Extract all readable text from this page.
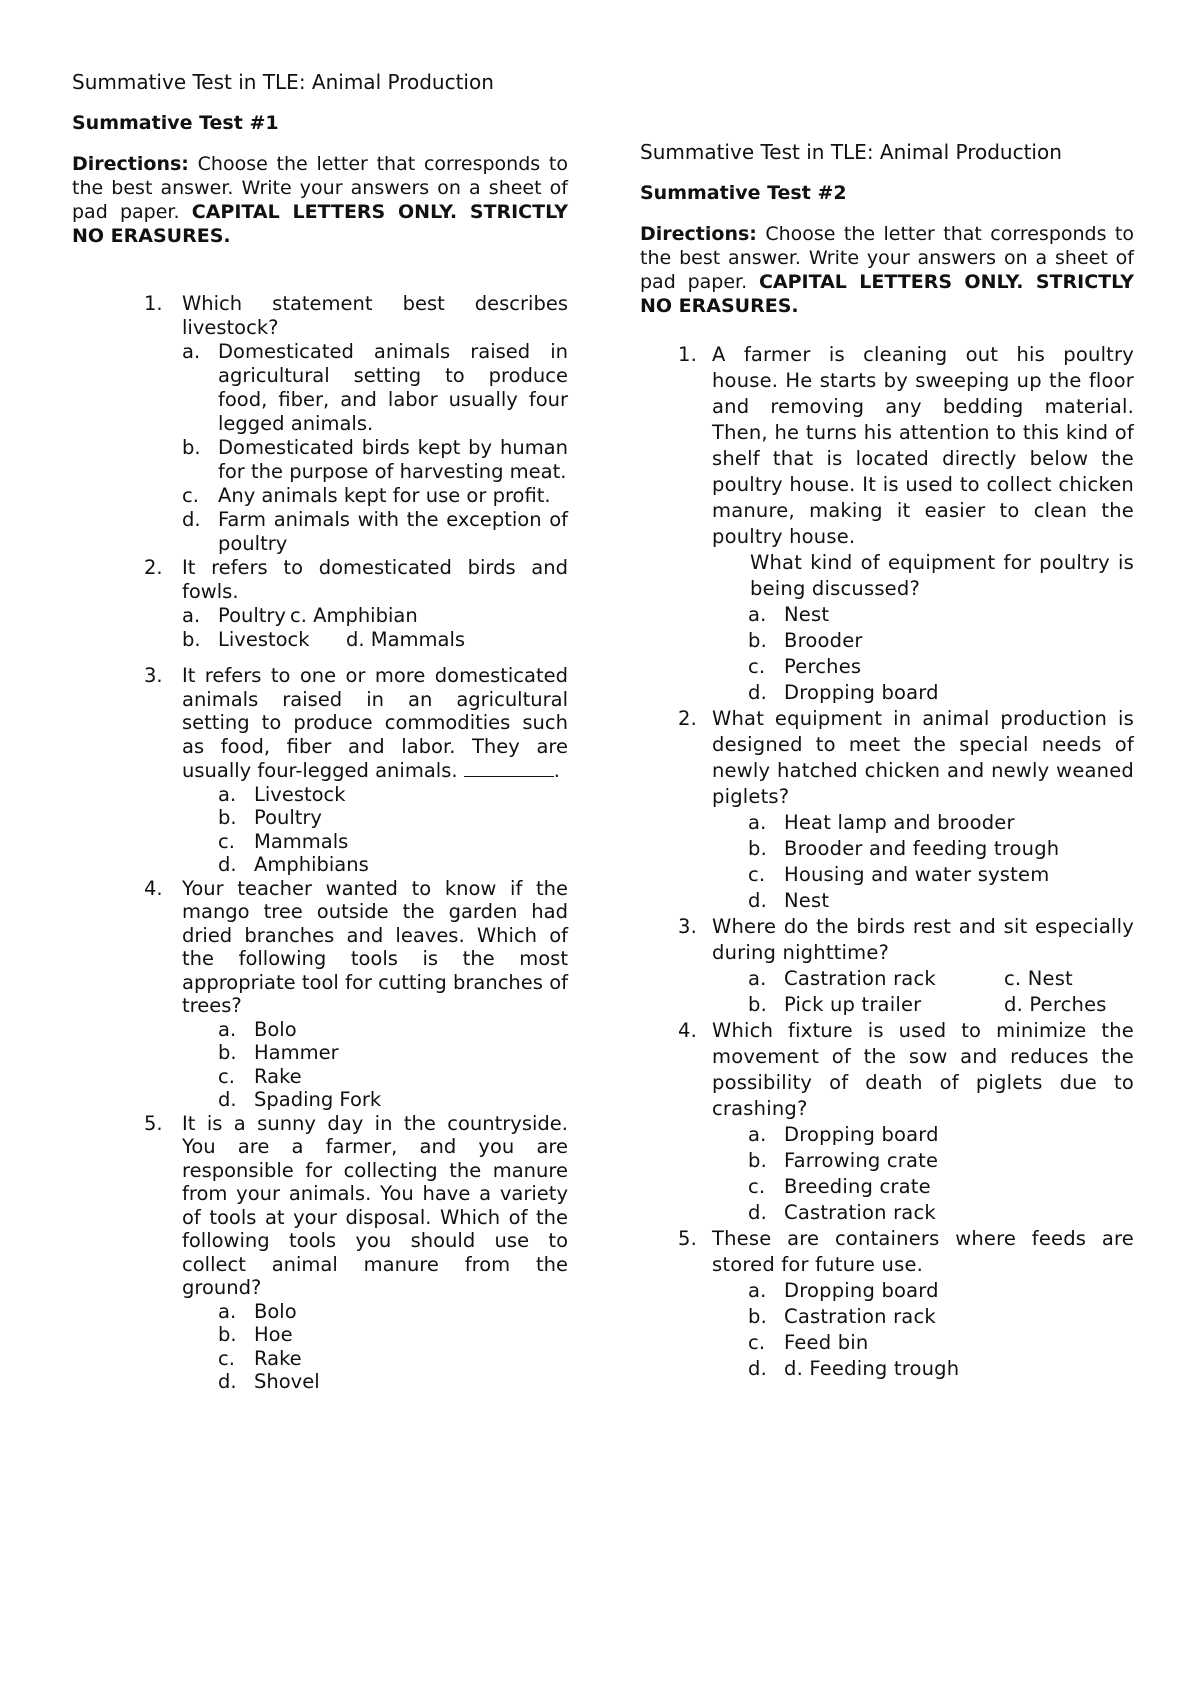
Summative Test in TLE: Animal Production
Summative Test #1

Directions: Choose the letter that corresponds to the best answer. Write your answers on a sheet of pad paper. CAPITAL LETTERS ONLY. STRICTLY NO ERASURES.

1. Which statement best describes livestock?
a. Domesticated animals raised in agricultural setting to produce food, fiber, and labor usually four legged animals.
b. Domesticated birds kept by human for the purpose of harvesting meat.
c. Any animals kept for use or profit.
d. Farm animals with the exception of poultry
2. It refers to domesticated birds and fowls.
a. Poultry c. Amphibian
b. Livestock d. Mammals
3. It refers to one or more domesticated animals raised in an agricultural setting to produce commodities such as food, fiber and labor. They are usually four-legged animals.	.
a. Livestock
b. Poultry
c. Mammals
d. Amphibians
4. Your teacher wanted to know if the mango tree outside the garden had dried branches and leaves. Which of the following tools is the most appropriate tool for cutting branches of trees?
a. Bolo
b. Hammer
c. Rake
d. Spading Fork
5. It is a sunny day in the countryside. You are a farmer, and you are responsible for collecting the manure from your animals. You have a variety of tools at your disposal. Which of the following tools you should use to collect animal manure from the ground?
a. Bolo
b. Hoe
c. Rake
d. Shovel
Summative Test in TLE: Animal Production
Summative Test #2

Directions: Choose the letter that corresponds to the best answer. Write your answers on a sheet of pad paper. CAPITAL LETTERS ONLY. STRICTLY NO ERASURES.

1. A farmer is cleaning out his poultry house. He starts by sweeping up the floor and removing any bedding material. Then, he turns his attention to this kind of shelf that is located directly below the poultry house. It is used to collect chicken manure, making it easier to clean the poultry house.
What kind of equipment for poultry is being discussed?
a. Nest
b. Brooder
c. Perches
d. Dropping board
2. What equipment in animal production is designed to meet the special needs of newly hatched chicken and newly weaned piglets?
a. Heat lamp and brooder
b. Brooder and feeding trough
c. Housing and water system
d. Nest
3. Where do the birds rest and sit especially during nighttime?
a. Castration rack	c. Nest
b. Pick up trailer	d. Perches
4. Which fixture is used to minimize the movement of the sow and reduces the possibility of death of piglets due to crashing?
a. Dropping board
b. Farrowing crate
c. Breeding crate
d. Castration rack
5. These are containers where feeds are stored for future use.
a. Dropping board
b. Castration rack
c. Feed bin
d. d. Feeding trough
